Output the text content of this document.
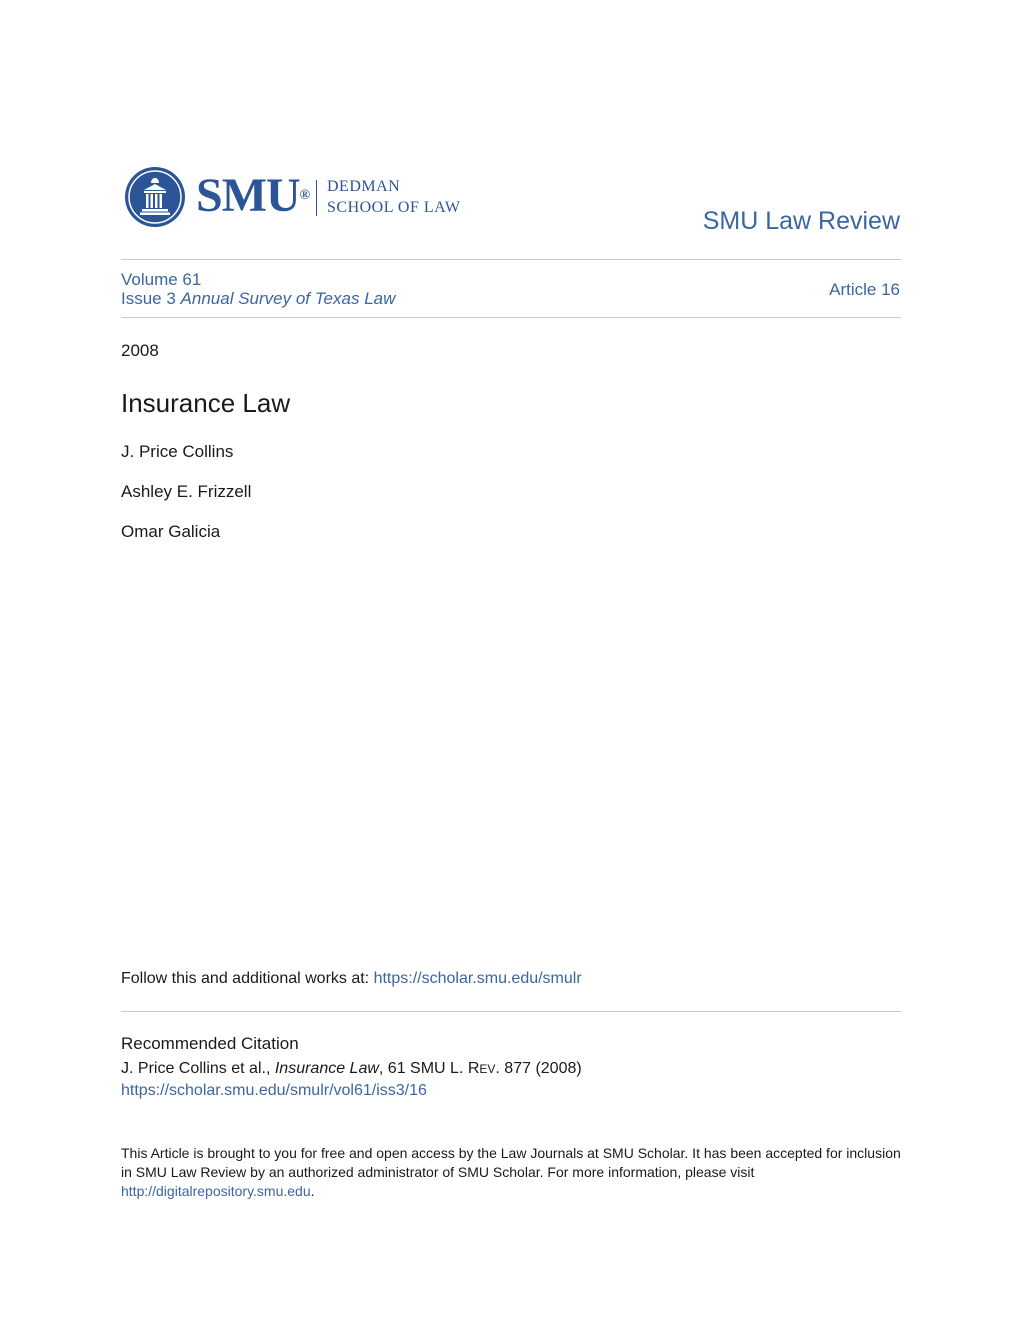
SMU®
DEDMAN
SCHOOL OF LAW	SMU Law Review
Volume 61
Issue 3 Annual Survey of Texas Law	Article 16
2008
Insurance Law
J. Price Collins
Ashley E. Frizzell
Omar Galicia
Follow this and additional works at: https://scholar.smu.edu/smulr
Recommended Citation
J. Price Collins et al., Insurance Law, 61 SMU L. REV. 877 (2008)
https://scholar.smu.edu/smulr/vol61/iss3/16
This Article is brought to you for free and open access by the Law Journals at SMU Scholar. It has been accepted for inclusion in SMU Law Review by an authorized administrator of SMU Scholar. For more information, please visit http://digitalrepository.smu.edu.
